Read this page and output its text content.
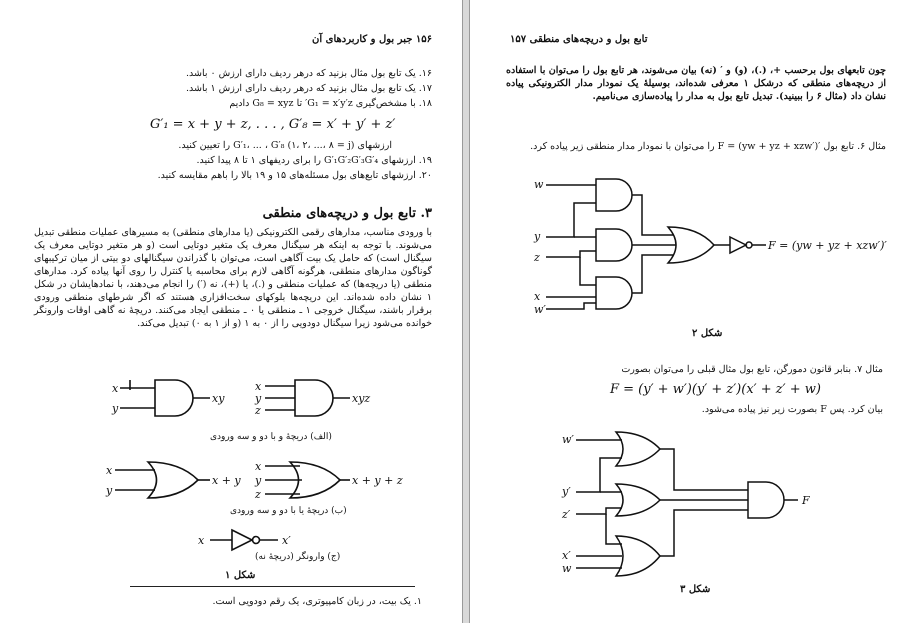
۱۵۶ جبر بول و کاربردهای آن
۱۶. یک تابع بول مثال بزنید که درهر ردیف دارای ارزش ۰ باشد.
۱۷. یک تابع بول مثال بزنید که درهر ردیف دارای ارزش ۱ باشد.
۱۸. با مشخص‌گیری G₁ = x′y′z′ تا G₈ = xyz دادیم
G′₁ = x + y + z, . . . , G′₈ = x′ + y′ + z′
ارزشهای G′₁، ... ، G′₈ (۱، ۲، ...، ۸ = j) را تعیین کنید.
۱۹. ارزشهای G′₁G′₂G′₃G′₄ را برای ردیفهای ۱ تا ۸ پیدا کنید.
۲۰. ارزشهای تابع‌های بول مسئله‌های ۱۵ و ۱۹ بالا را باهم مقایسه کنید.
۳. تابع بول و دریچه‌های منطقی
با ورودی مناسب، مدارهای رقمی الکترونیکی (یا مدارهای منطقی) به مسیرهای عملیات منطقی تبدیل می‌شوند. با توجه به اینکه هر سیگنال معرف یک متغیر دوتایی است (و هر متغیر دوتایی معرف یک سیگنال است) که حامل یک بیت آگاهی است، می‌توان با گذراندن سیگنالهای دو بیتی از میان ترکیبهای گوناگون مدارهای منطقی، هرگونه آگاهی لازم برای محاسبه یا کنترل را روی آنها پیاده کرد. مدارهای منطقی (یا دریچه‌ها) که عملیات منطقی و (.)، یا (+)، نه (′) را انجام می‌دهند، با نمادهایشان در شکل ۱ نشان داده شده‌اند. این دریچه‌ها بلوکهای سخت‌افزاری هستند که اگر شرطهای منطقی ورودی برقرار باشند، سیگنال خروجی ۱ ـ منطقی یا ۰ ـ منطقی ایجاد می‌کنند. دریچهٔ نه گاهی اوقات وارونگر خوانده می‌شود زیرا سیگنال دودویی را از ۰ به ۱ (و از ۱ به ۰) تبدیل می‌کند.
x
y
xy
x
y
z
xyz
x
y
x + y
x
y
z
x + y + z
x	x′
(الف) دریچهٔ و با دو و سه ورودی
(ب) دریچهٔ یا با دو و سه ورودی
(ج) وارونگر (دریچهٔ نه)
شکل ۱
۱. یک بیت، در زبان کامپیوتری، یک رقم دودویی است.
تابع بول و دریچه‌های منطقی ۱۵۷
چون تابعهای بول برحسب +، (.)، (و) و ′ (نه) بیان می‌شوند، هر تابع بول را می‌توان با استفاده از دریچه‌های منطقی که درشکل ۱ معرفی شده‌اند، بوسیلهٔ یک نمودار مدار الکترونیکی پیاده نشان داد (مثال ۶ را ببینید). تبدیل تابع بول به مدار را پیاده‌سازی می‌نامیم.
مثال ۶. تابع بول ′F = (yw + yz + xzw′) را می‌توان با نمودار مدار منطقی زیر پیاده کرد.
w
y
z
x
w′
F = (yw + yz + xzw′)′
شکل ۲
مثال ۷. بنابر قانون دمورگن، تابع بول مثال قبلی را می‌توان بصورت
F = (y′ + w′)(y′ + z′)(x′ + z′ + w)
بیان کرد. پس F بصورت زیر نیز پیاده می‌شود.
w′
y′
z′
x′
w
F
شکل ۳
